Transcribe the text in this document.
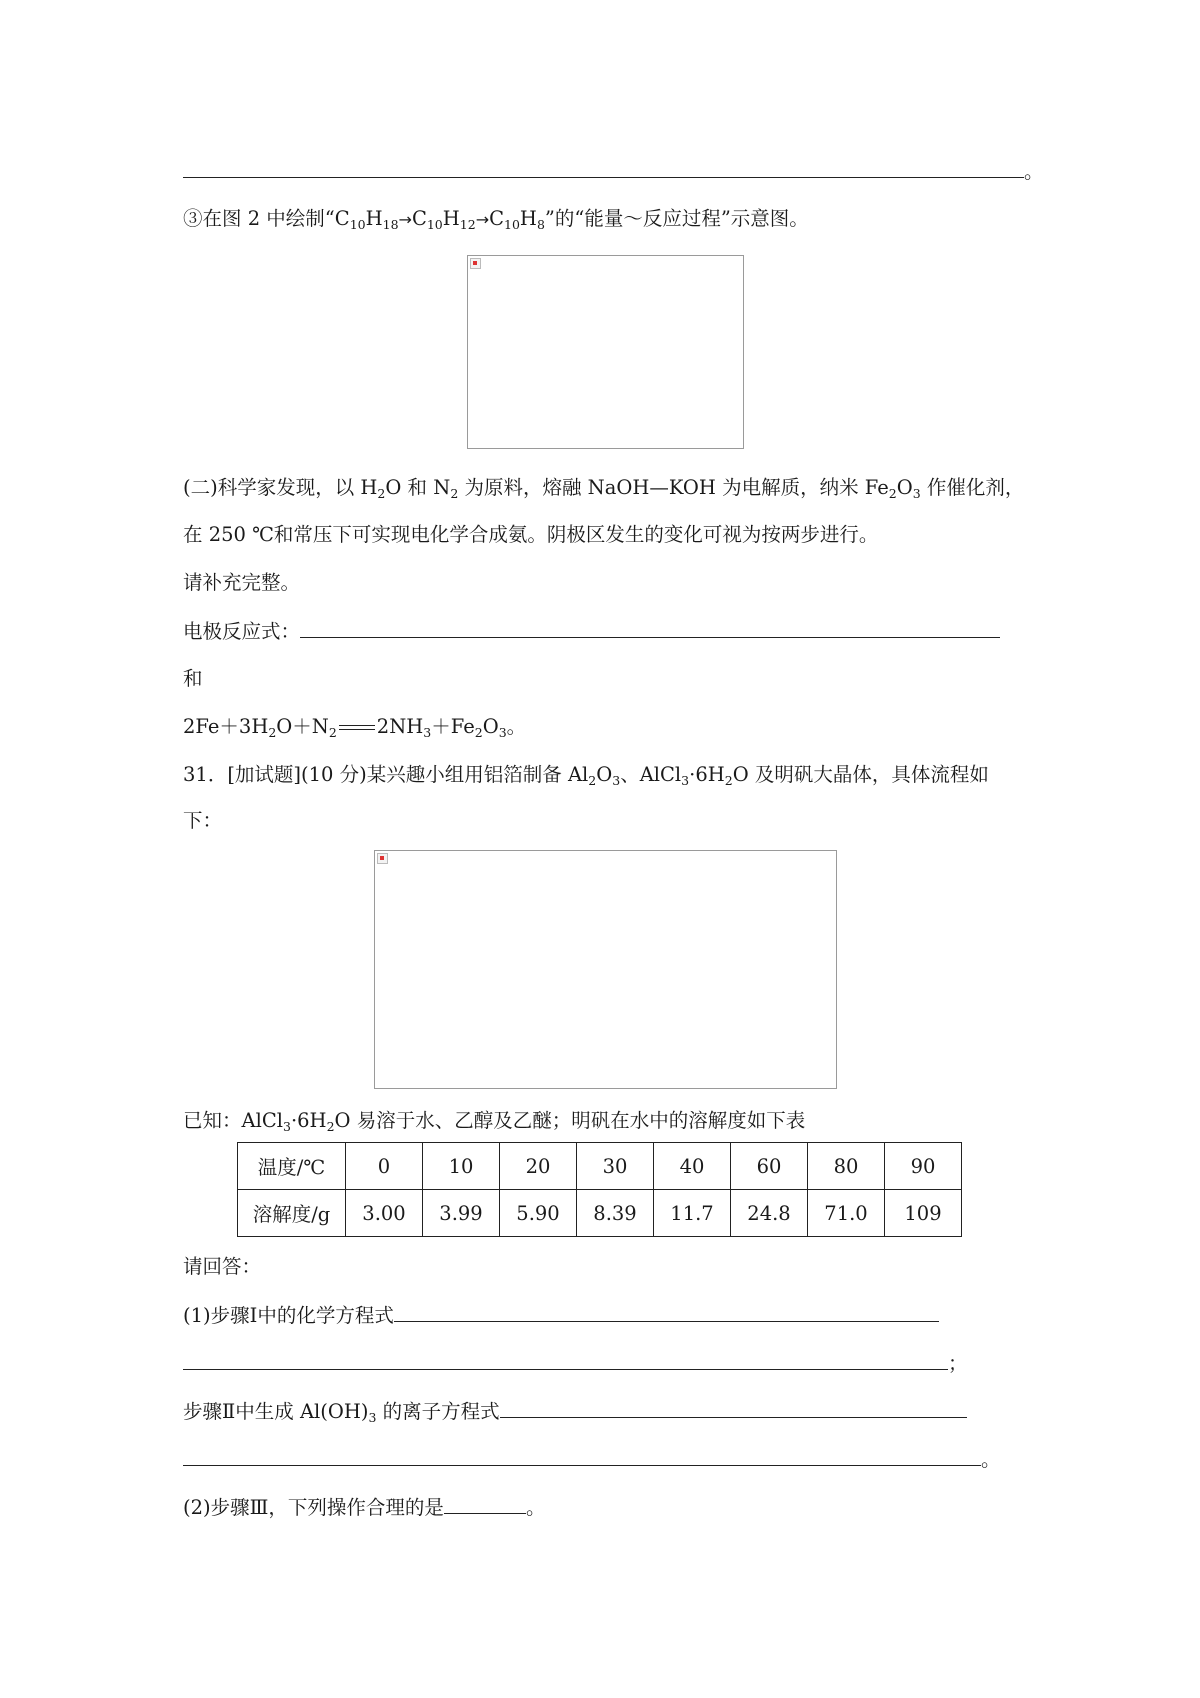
。
③在图 2 中绘制“$C_{10}H_{18}\to C_{10}H_{12}\to C_{10}H_8$”的“能量～反应过程”示意图。
(二)科学家发现，以 $H_2O$ 和 $N_2$ 为原料，熔融 NaOH—KOH 为电解质，纳米 $Fe_2O_3$ 作催化剂，
在 250 ℃和常压下可实现电化学合成氨。阴极区发生的变化可视为按两步进行。
请补充完整。
电极反应式：
和
$2Fe+3H_2O+N_2$ $2NH_3+Fe_2O_3$。
31．[加试题](10 分)某兴趣小组用铝箔制备 $Al_2O_3$、$AlCl_3\cdot 6H_2O$ 及明矾大晶体，具体流程如
下：
已知：$AlCl_3\cdot 6H_2O$ 易溶于水、乙醇及乙醚；明矾在水中的溶解度如下表
温度/℃	0	10	20	30	40	60	80	90
溶解度/g	3.00	3.99	5.90	8.39	11.7	24.8	71.0	109
请回答：
(1)步骤Ⅰ中的化学方程式
；
步骤Ⅱ中生成 $Al(OH)_3$ 的离子方程式
。
(2)步骤Ⅲ，下列操作合理的是	。
